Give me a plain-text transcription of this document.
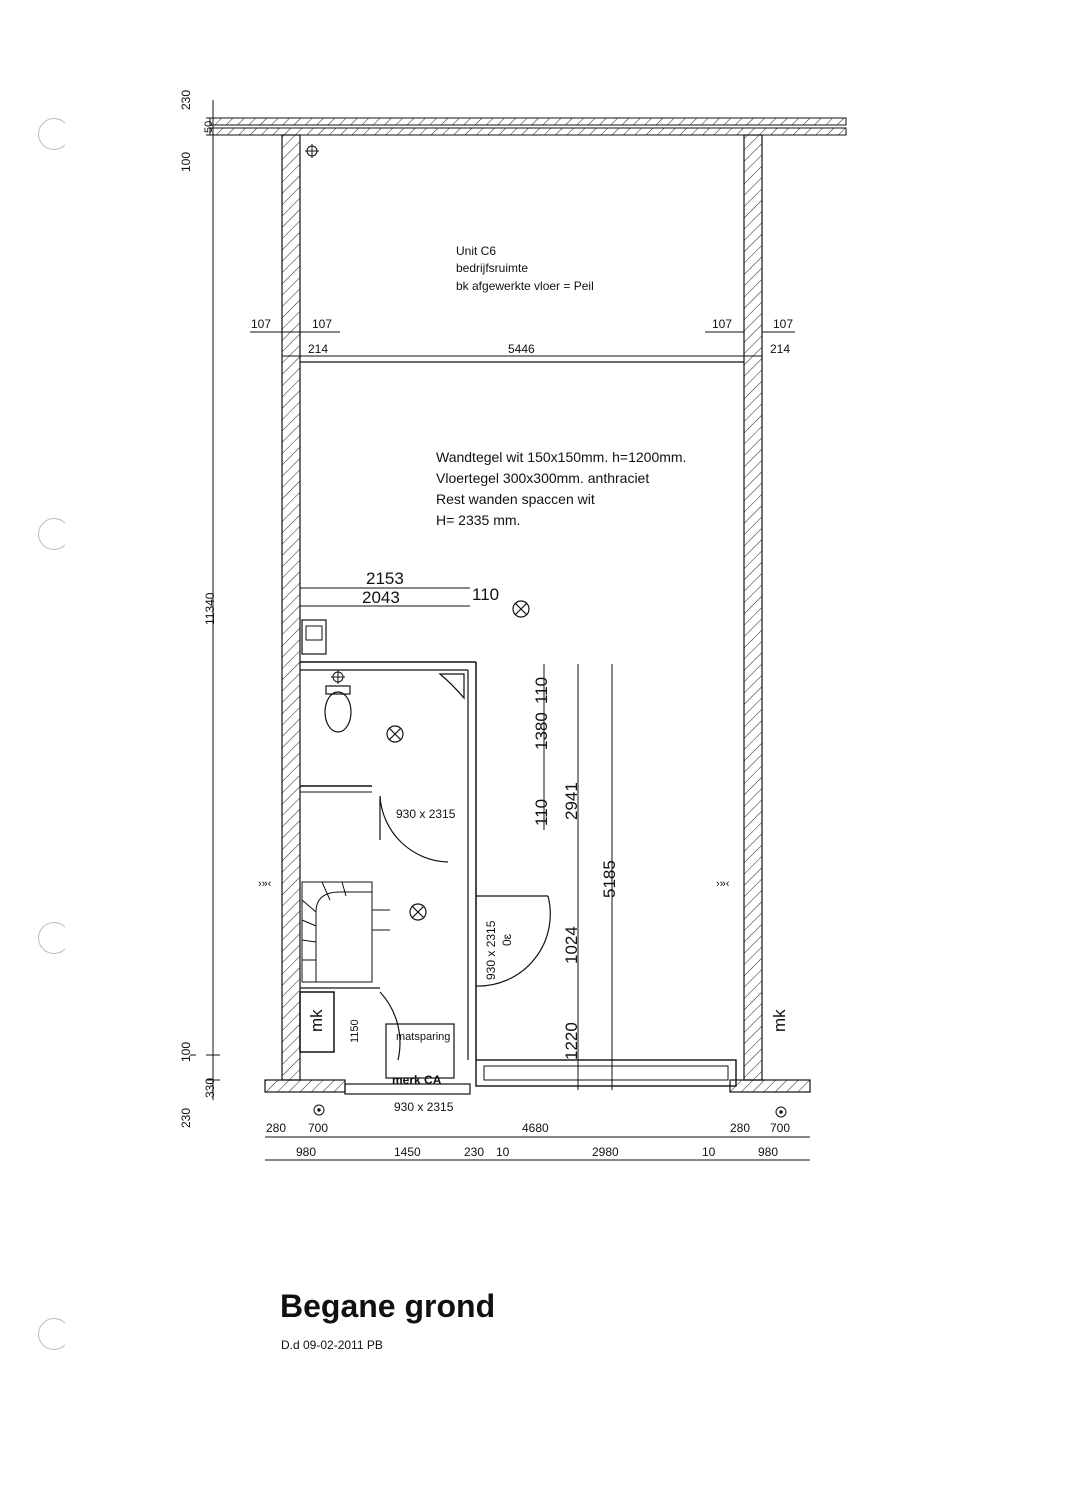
›»‹	›»‹
Unit C6
bedrijfsruimte
bk afgewerkte vloer = Peil
Wandtegel wit 150x150mm. h=1200mm.
Vloertegel 300x300mm. anthraciet
Rest wanden spaccen wit
H= 2335 mm.
230
100
50
11340
100
330
230
107	107	107	107
214	5446	214
2153
2043	110
1380
110
110 2941
5185
1024
1220
930 x 2315
930 x 2315 0ɛ
930 x 2315
mk	mk
1150	matsparing
merk CA
280 700	4680	280 700
980	1450	230 10	2980	10	980
Begane grond
D.d 09-02-2011 PB
